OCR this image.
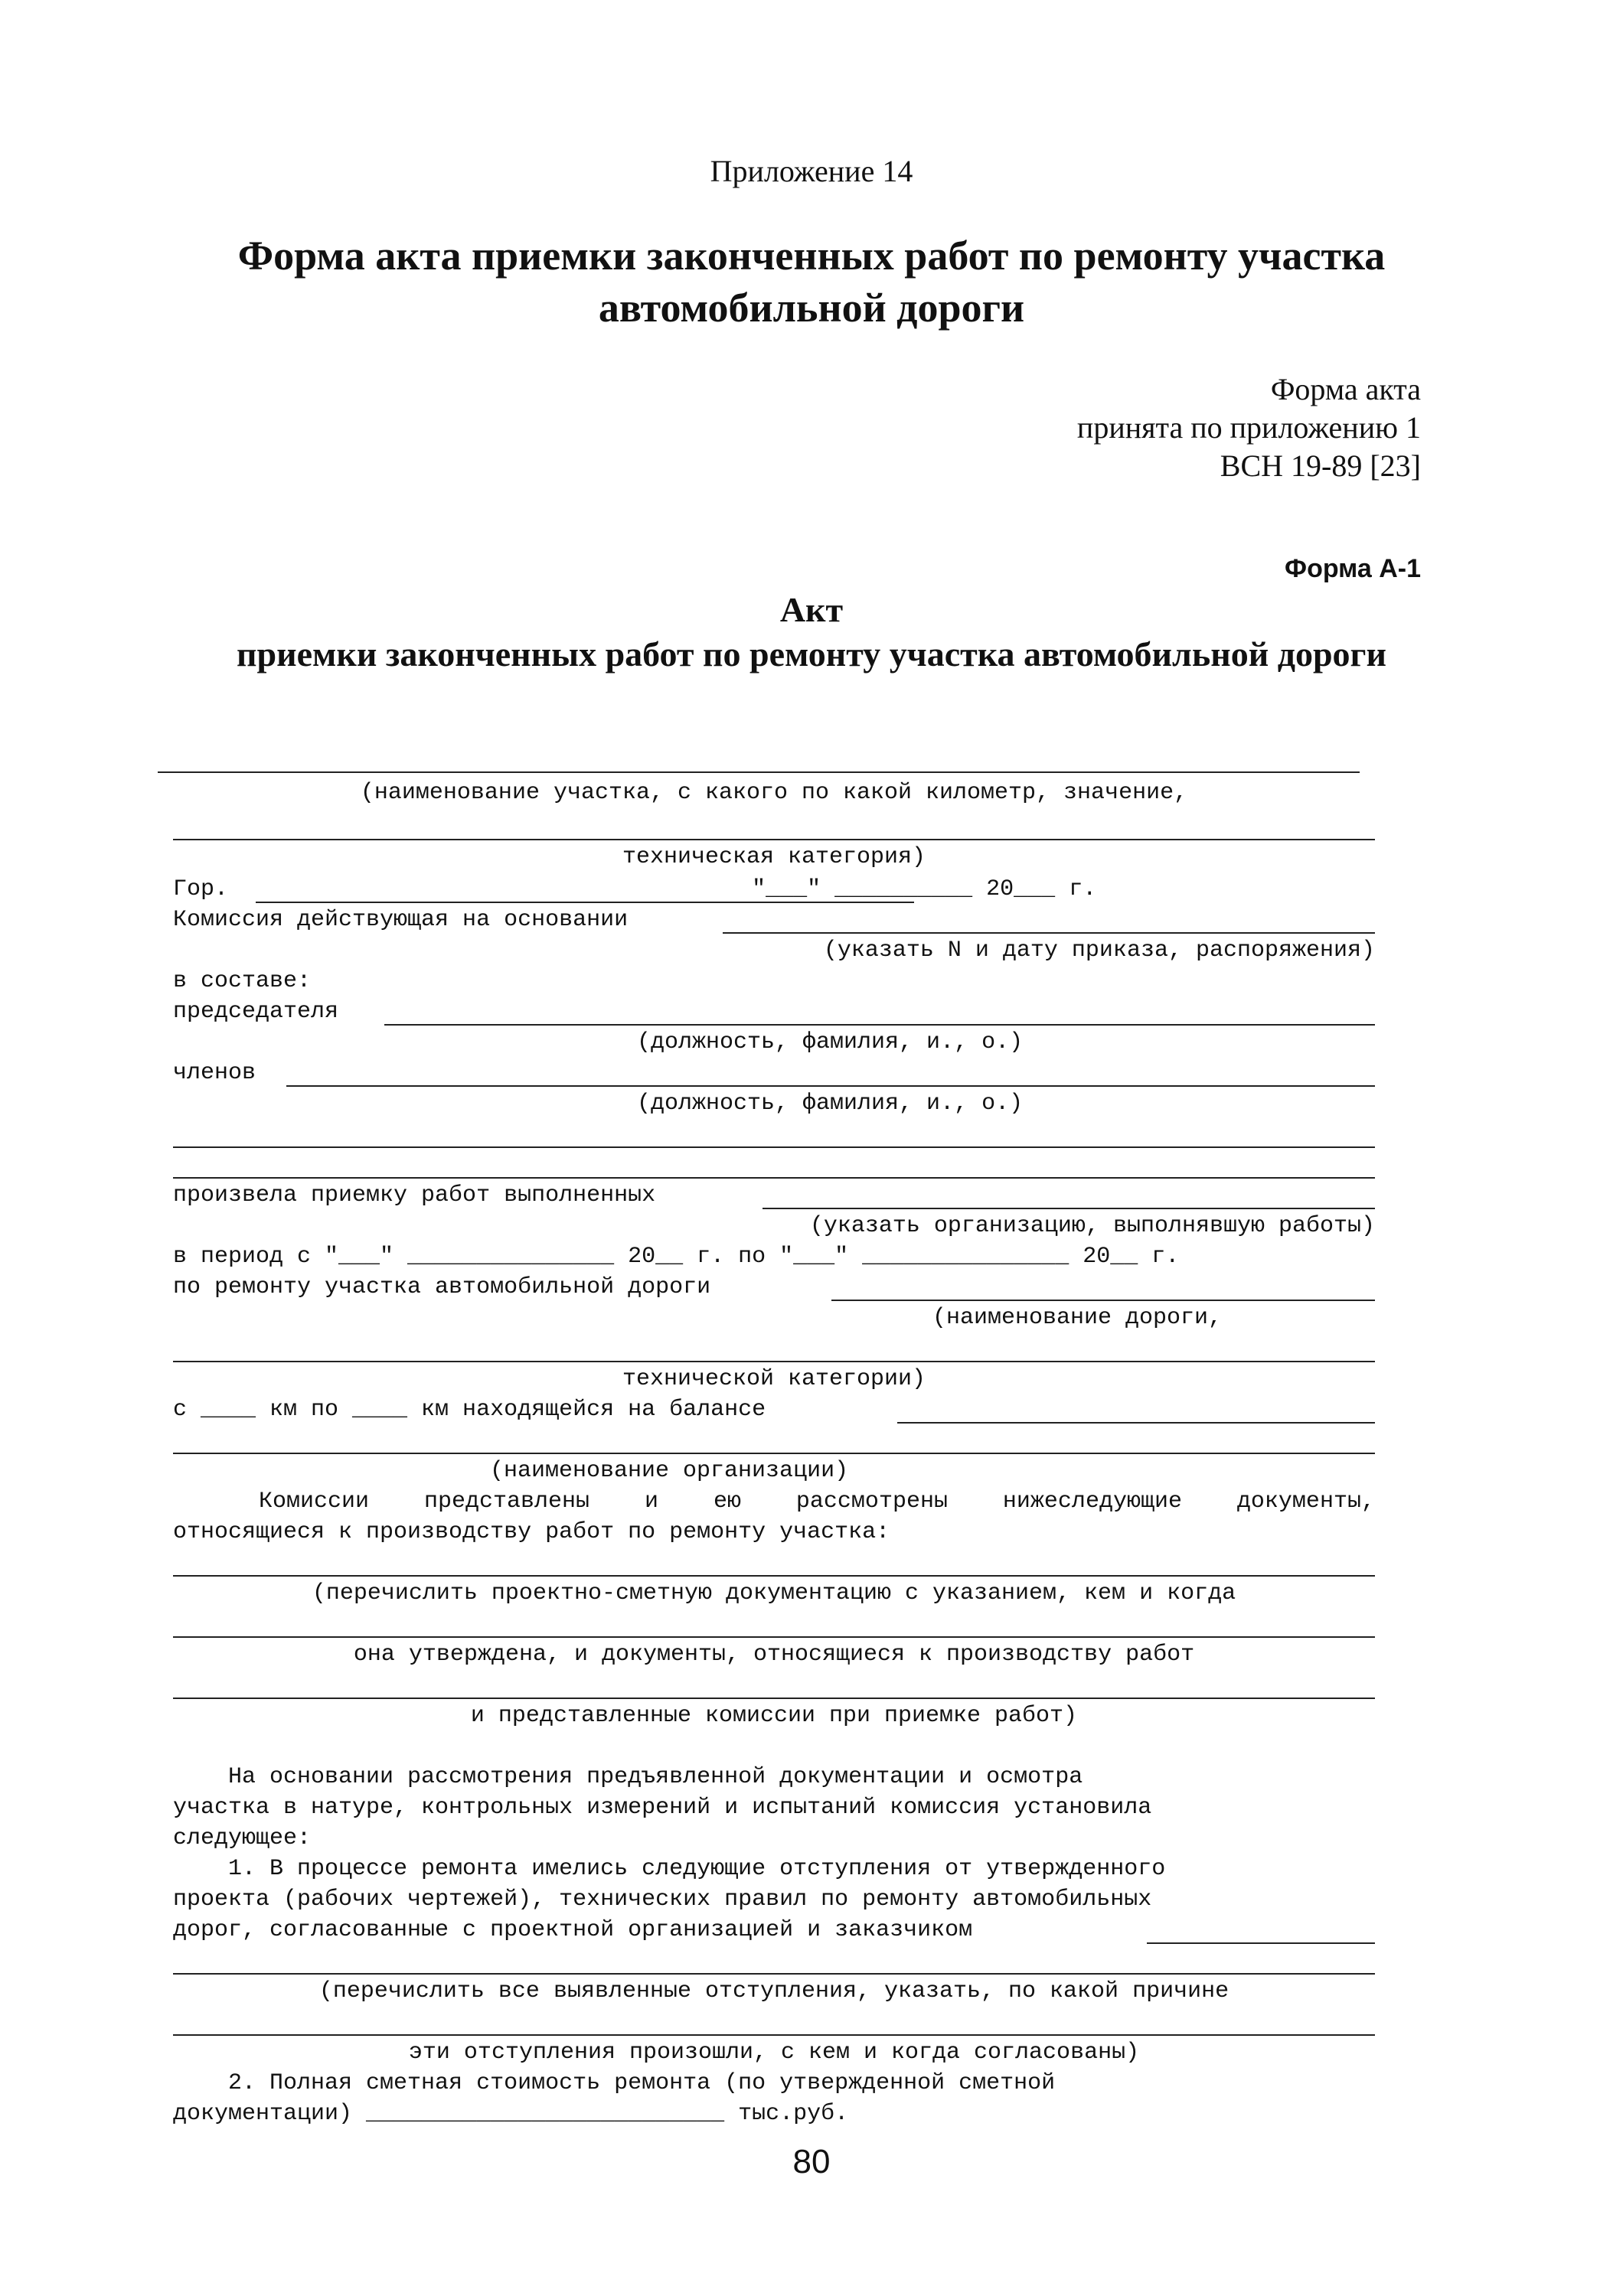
Приложение 14
Форма акта приемки законченных работ по ремонту участка
автомобильной дороги
Форма акта
принята по приложению 1
ВСН 19-89 [23]
Форма А-1
Акт
приемки законченных работ по ремонту участка автомобильной дороги
(наименование участка, с какого по какой километр, значение,
техническая категория)
Гор.                                      "___" __________ 20___ г.
Комиссия действующая на основании
(указать N и дату приказа, распоряжения)
в составе:
председателя
(должность, фамилия, и., о.)
членов
(должность, фамилия, и., о.)
произвела приемку работ выполненных
(указать организацию, выполнявшую работы)
в период с "___" _______________ 20__ г. по "___" _______________ 20__ г.
по ремонту участка автомобильной дороги
(наименование дороги,
технической категории)
с ____ км по ____ км находящейся на балансе
(наименование организации)
Комиссии представлены и ею рассмотрены нижеследующие документы,
относящиеся к производству работ по ремонту участка:
(перечислить проектно-сметную документацию с указанием, кем и когда
она утверждена, и документы, относящиеся к производству работ
и представленные комиссии при приемке работ)
На основании рассмотрения предъявленной документации и осмотра
участка в натуре, контрольных измерений и испытаний комиссия установила
следующее:
1. В процессе ремонта имелись следующие отступления от утвержденного
проекта (рабочих чертежей), технических правил по ремонту автомобильных
дорог, согласованные с проектной организацией и заказчиком
(перечислить все выявленные отступления, указать, по какой причине
эти отступления произошли, с кем и когда согласованы)
2. Полная сметная стоимость ремонта (по утвержденной сметной
документации) __________________________ тыс.руб.
80
